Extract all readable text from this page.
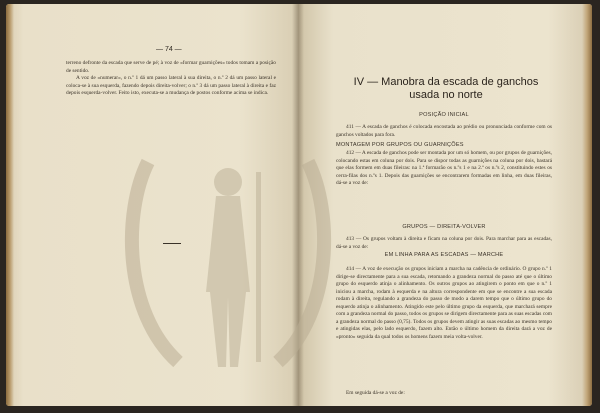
— 74 —

terreno defronte da escada que serve de pé; à voz de «formar guarnições» todos tomam a posição de sentido.

A voz de «numerar», o n.º 1 dá um passo lateral à sua direita, o n.º 2 dá um passo lateral e coloca-se à sua esquerda, fazendo depois direita-volver; o n.º 3 dá um passo lateral à direita e faz depois esquerda-volver. Feito isto, executa-se a mudança de postos conforme acima se indica.

IV — Manobra da escada de ganchos
usada no norte
POSIÇÃO INICIAL

411 — A escada de ganchos é colocada encostada ao prédio ou pronunciada conforme com os ganchos voltados para fora.

MONTAGEM POR GRUPOS OU GUARNIÇÕES

412 — A escada de ganchos pode ser montada por um só homem, ou por grupos de guarnições, colocando estas em coluna por dois. Para se dispor todas as guarnições na coluna por dois, bastará que elas formem em duas fileiras: na 1.ª formarão os n.ºs 1 e na 2.ª os n.ºs 2, constituindo estes os cerra-filas dos n.ºs 1. Depois das guarnições se encontrarem formadas em linha, em duas fileiras, dá-se a voz de:

GRUPOS — DIREITA-VOLVER

413 — Os grupos voltam à direita e ficam na coluna por dois. Para marchar para as escadas, dá-se a voz de:

EM LINHA PARA AS ESCADAS — MARCHE

414 — A voz de execução os grupos iniciam a marcha na cadência de ordinário. O grupo n.º 1 dirige-se directamente para a sua escada, retomando a grandeza normal do passo até que o último grupo do esquerdo atinja o alinhamento. Os outros grupos ao atingirem o ponto em que o n.º 1 iniciou a marcha, rodam à esquerda e na altura correspondente em que se encontre a sua escada rodam à direita, regulando a grandeza do passo de modo a darem tempo que o último grupo do esquerdo atinja o alinhamento. Atingido este pelo último grupo da esquerda, que marchará sempre com a grandeza normal do passo, todos os grupos se dirigem directamente para as suas escadas com a grandeza normal do passo (0,75). Todos os grupos devem atingir as suas escadas ao mesmo tempo e atingidas elas, pelo lado esquerdo, fazem alto. Então o último homem da direita dará a voz de «pronto» seguida da qual todos os homens fazem meia volta-volver.

Em seguida dá-se a voz de:
